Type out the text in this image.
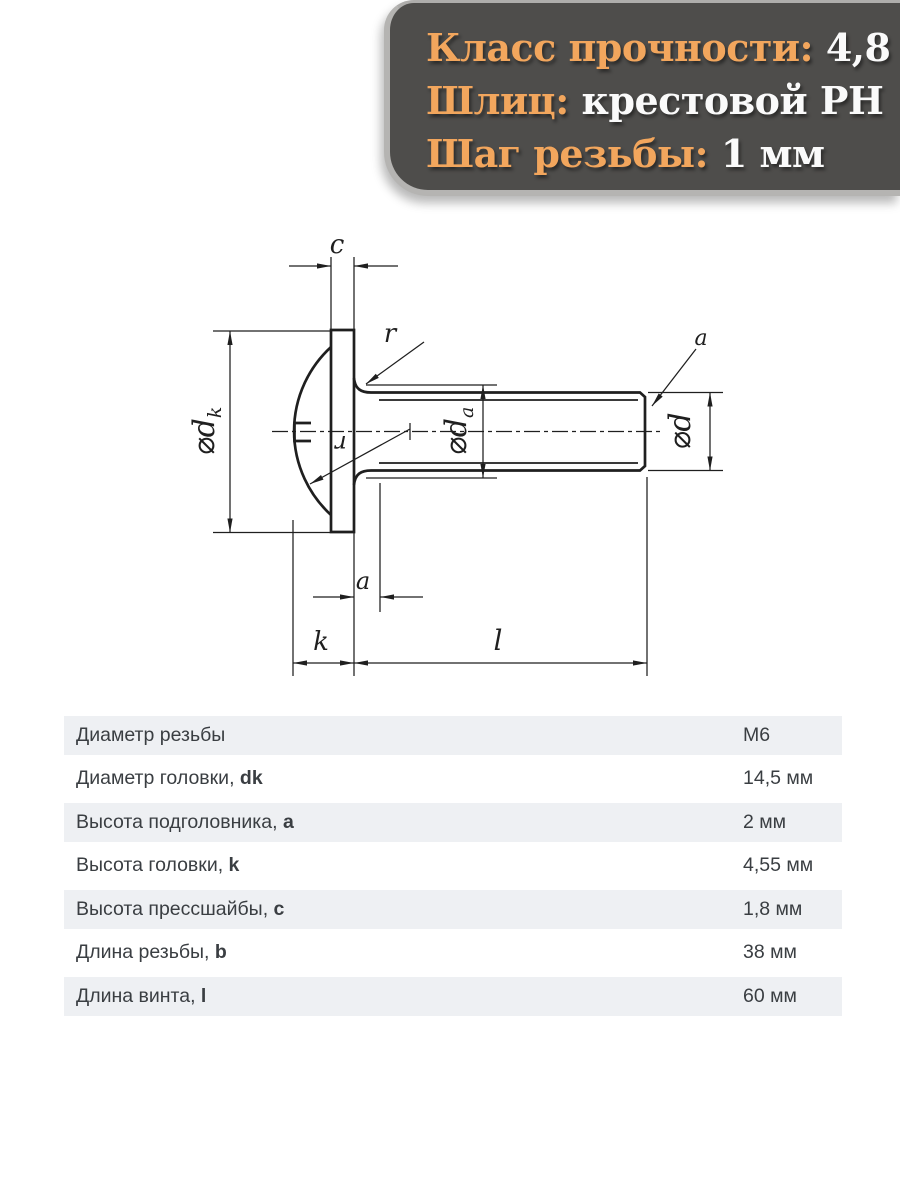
Класс прочности: 4,8
Шлиц: крестовой PH
Шаг резьбы: 1 мм
c
$⌀d_k$
r
r
a
$⌀d_a$	⌀d
a
k	l
Диаметр резьбы	M6
Диаметр головки, dk	14,5 мм
Высота подголовника, a	2 мм
Высота головки, k	4,55 мм
Высота прессшайбы, c	1,8 мм
Длина резьбы, b	38 мм
Длина винта, l	60 мм
